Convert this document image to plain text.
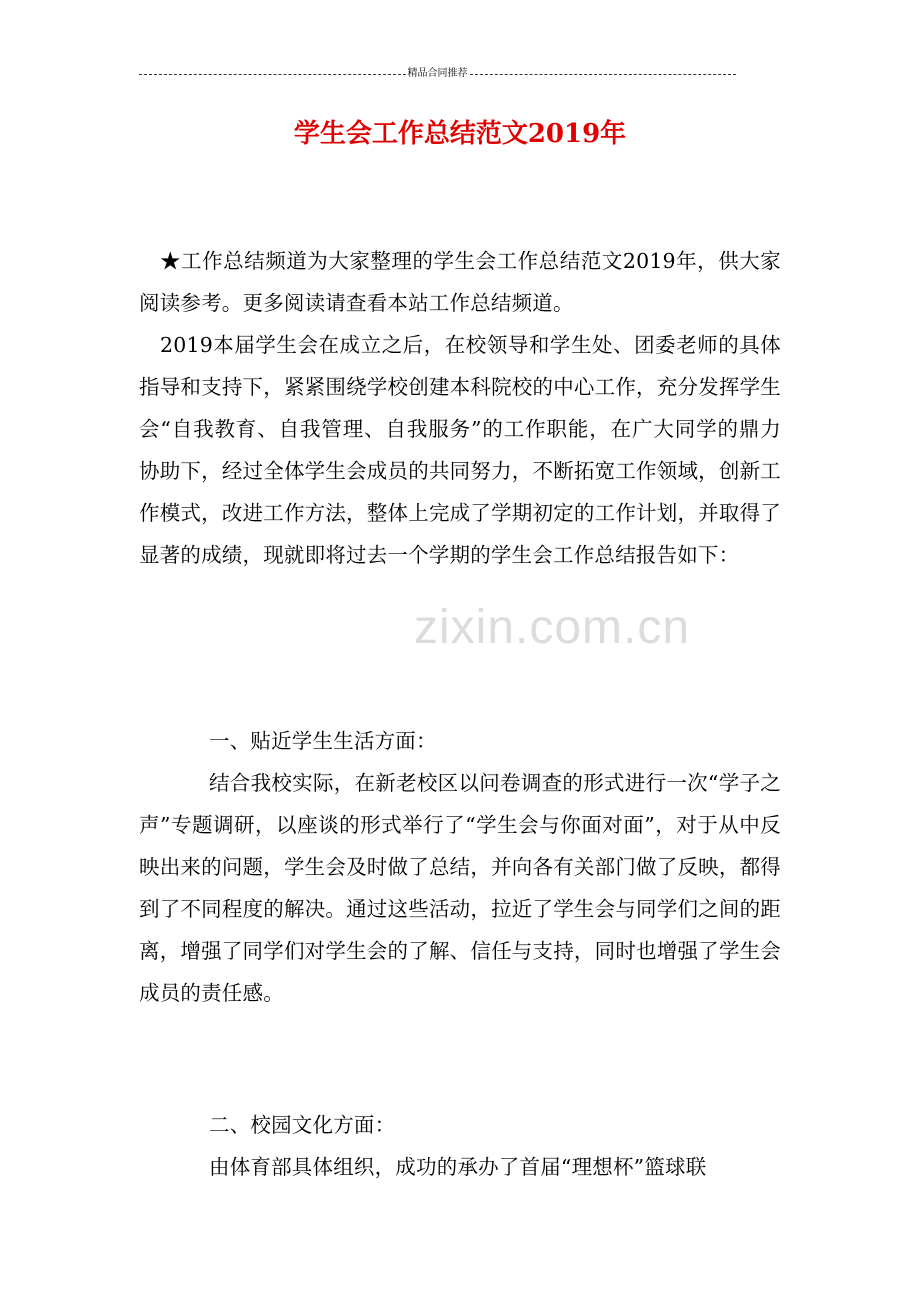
精品合同推荐
学生会工作总结范文2019年

★工作总结频道为大家整理的学生会工作总结范文2019年，供大家阅读参考。更多阅读请查看本站工作总结频道。

2019本届学生会在成立之后，在校领导和学生处、团委老师的具体指导和支持下，紧紧围绕学校创建本科院校的中心工作，充分发挥学生会“自我教育、自我管理、自我服务”的工作职能，在广大同学的鼎力协助下，经过全体学生会成员的共同努力，不断拓宽工作领域，创新工作模式，改进工作方法，整体上完成了学期初定的工作计划，并取得了显著的成绩，现就即将过去一个学期的学生会工作总结报告如下：

一、贴近学生生活方面：

结合我校实际，在新老校区以问卷调查的形式进行一次“学子之声”专题调研，以座谈的形式举行了“学生会与你面对面”，对于从中反映出来的问题，学生会及时做了总结，并向各有关部门做了反映，都得到了不同程度的解决。通过这些活动，拉近了学生会与同学们之间的距离，增强了同学们对学生会的了解、信任与支持，同时也增强了学生会成员的责任感。

二、校园文化方面：

由体育部具体组织，成功的承办了首届“理想杯”篮球联

zixin.com.cn
